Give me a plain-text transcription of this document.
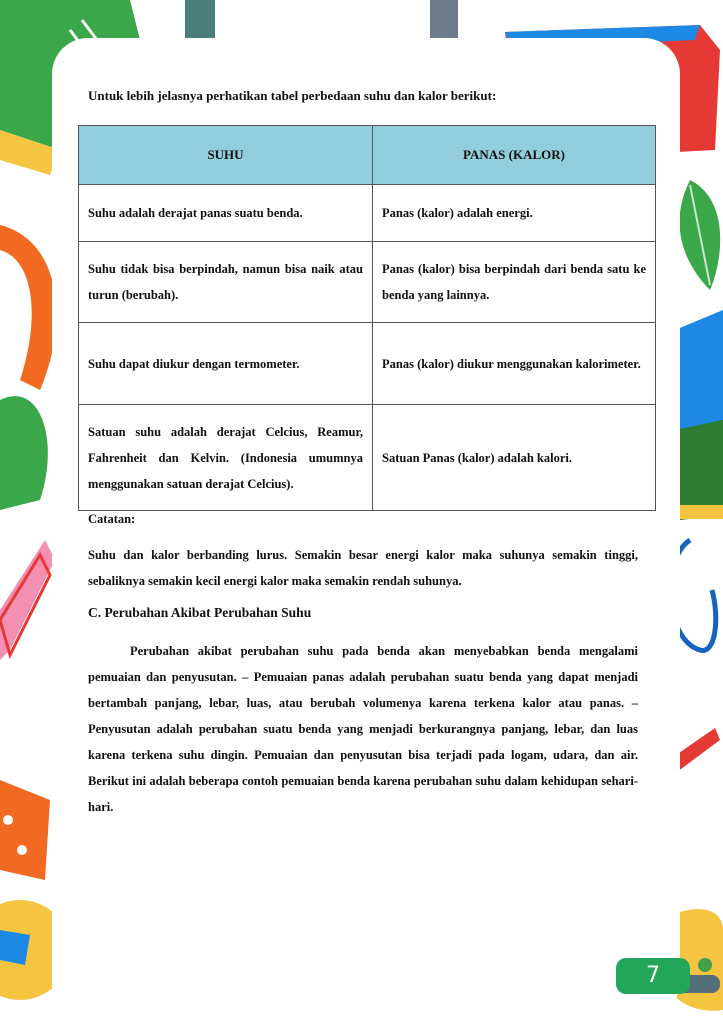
Untuk lebih jelasnya perhatikan tabel perbedaan suhu dan kalor berikut:

SUHU	PANAS (KALOR)
Suhu adalah derajat panas suatu benda.	Panas (kalor) adalah energi.
Suhu tidak bisa berpindah, namun bisa naik atau turun (berubah).	Panas (kalor) bisa berpindah dari benda satu ke benda yang lainnya.
Suhu dapat diukur dengan termometer.	Panas (kalor) diukur menggunakan kalorimeter.
Satuan suhu adalah derajat Celcius, Reamur, Fahrenheit dan Kelvin. (Indonesia umumnya menggunakan satuan derajat Celcius).	Satuan Panas (kalor) adalah kalori.

Catatan:

Suhu dan kalor berbanding lurus. Semakin besar energi kalor maka suhunya semakin tinggi, sebaliknya semakin kecil energi kalor maka semakin rendah suhunya.

C. Perubahan Akibat Perubahan Suhu

Perubahan akibat perubahan suhu pada benda akan menyebabkan benda mengalami pemuaian dan penyusutan. – Pemuaian panas adalah perubahan suatu benda yang dapat menjadi bertambah panjang, lebar, luas, atau berubah volumenya karena terkena kalor atau panas. – Penyusutan adalah perubahan suatu benda yang menjadi berkurangnya panjang, lebar, dan luas karena terkena suhu dingin. Pemuaian dan penyusutan bisa terjadi pada logam, udara, dan air. Berikut ini adalah beberapa contoh pemuaian benda karena perubahan suhu dalam kehidupan sehari-hari.

7
